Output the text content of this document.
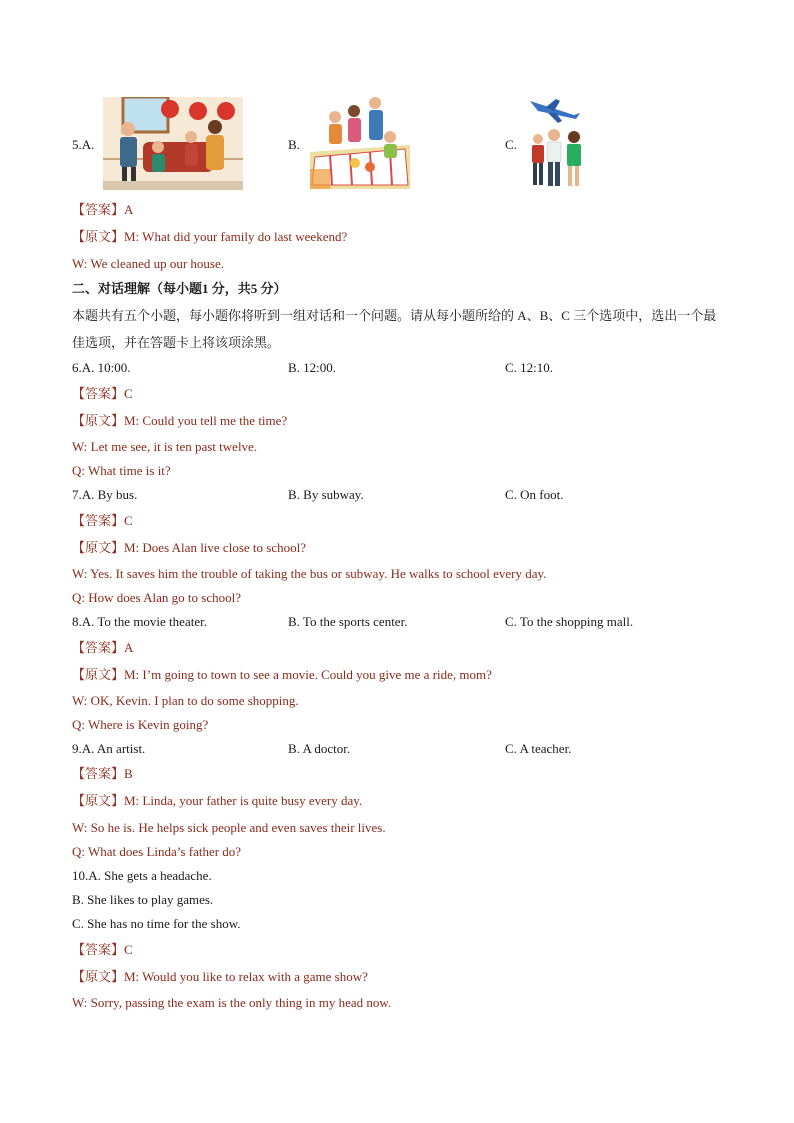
5.A.	B.	C.
【答案】A
【原文】M: What did your family do last weekend?
W: We cleaned up our house.
二、对话理解（每小题1 分，共5 分）
本题共有五个小题，每小题你将听到一组对话和一个问题。请从每小题所给的 A、B、C 三个选项中，选出一个最佳选项，并在答题卡上将该项涂黑。
6.A. 10:00.	B. 12:00.	C. 12:10.
【答案】C
【原文】M: Could you tell me the time?
W: Let me see, it is ten past twelve.
Q: What time is it?
7.A. By bus.	B. By subway.	C. On foot.
【答案】C
【原文】M: Does Alan live close to school?
W: Yes. It saves him the trouble of taking the bus or subway. He walks to school every day.
Q: How does Alan go to school?
8.A. To the movie theater.	B. To the sports center.	C. To the shopping mall.
【答案】A
【原文】M: I’m going to town to see a movie. Could you give me a ride, mom?
W: OK, Kevin. I plan to do some shopping.
Q: Where is Kevin going?
9.A. An artist.	B. A doctor.	C. A teacher.
【答案】B
【原文】M: Linda, your father is quite busy every day.
W: So he is. He helps sick people and even saves their lives.
Q: What does Linda’s father do?
10.A. She gets a headache.
B. She likes to play games.
C. She has no time for the show.
【答案】C
【原文】M: Would you like to relax with a game show?
W: Sorry, passing the exam is the only thing in my head now.
